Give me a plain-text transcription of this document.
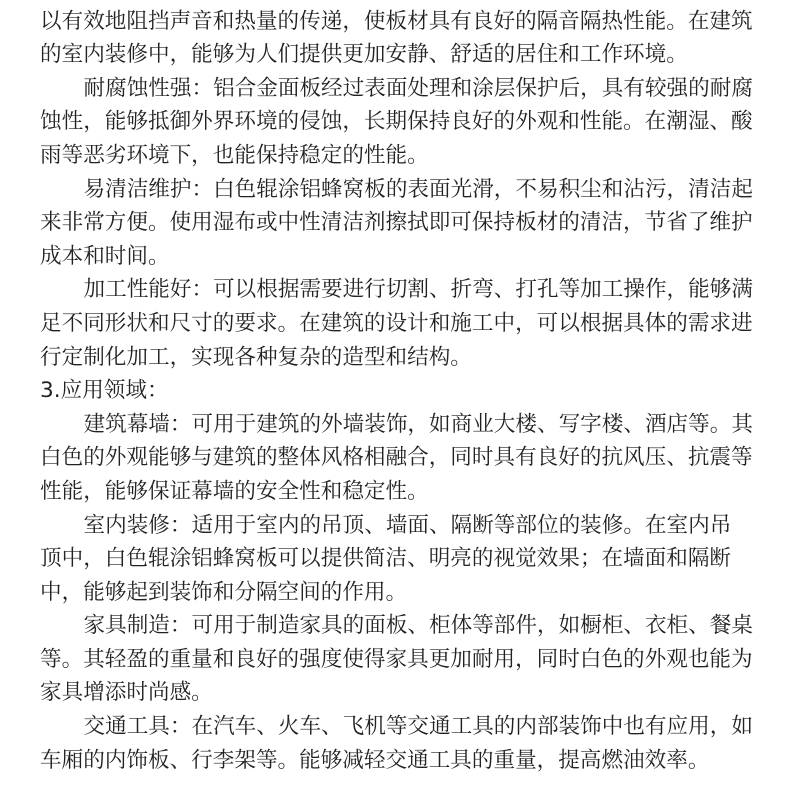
以有效地阻挡声音和热量的传递，使板材具有良好的隔音隔热性能。在建筑
的室内装修中，能够为人们提供更加安静、舒适的居住和工作环境。
耐腐蚀性强：铝合金面板经过表面处理和涂层保护后，具有较强的耐腐
蚀性，能够抵御外界环境的侵蚀，长期保持良好的外观和性能。在潮湿、酸
雨等恶劣环境下，也能保持稳定的性能。
易清洁维护：白色辊涂铝蜂窝板的表面光滑，不易积尘和沾污，清洁起
来非常方便。使用湿布或中性清洁剂擦拭即可保持板材的清洁，节省了维护
成本和时间。
加工性能好：可以根据需要进行切割、折弯、打孔等加工操作，能够满
足不同形状和尺寸的要求。在建筑的设计和施工中，可以根据具体的需求进
行定制化加工，实现各种复杂的造型和结构。
3.应用领域：
建筑幕墙：可用于建筑的外墙装饰，如商业大楼、写字楼、酒店等。其
白色的外观能够与建筑的整体风格相融合，同时具有良好的抗风压、抗震等
性能，能够保证幕墙的安全性和稳定性。
室内装修：适用于室内的吊顶、墙面、隔断等部位的装修。在室内吊
顶中，白色辊涂铝蜂窝板可以提供简洁、明亮的视觉效果；在墙面和隔断
中，能够起到装饰和分隔空间的作用。
家具制造：可用于制造家具的面板、柜体等部件，如橱柜、衣柜、餐桌
等。其轻盈的重量和良好的强度使得家具更加耐用，同时白色的外观也能为
家具增添时尚感。
交通工具：在汽车、火车、飞机等交通工具的内部装饰中也有应用，如
车厢的内饰板、行李架等。能够减轻交通工具的重量，提高燃油效率。
